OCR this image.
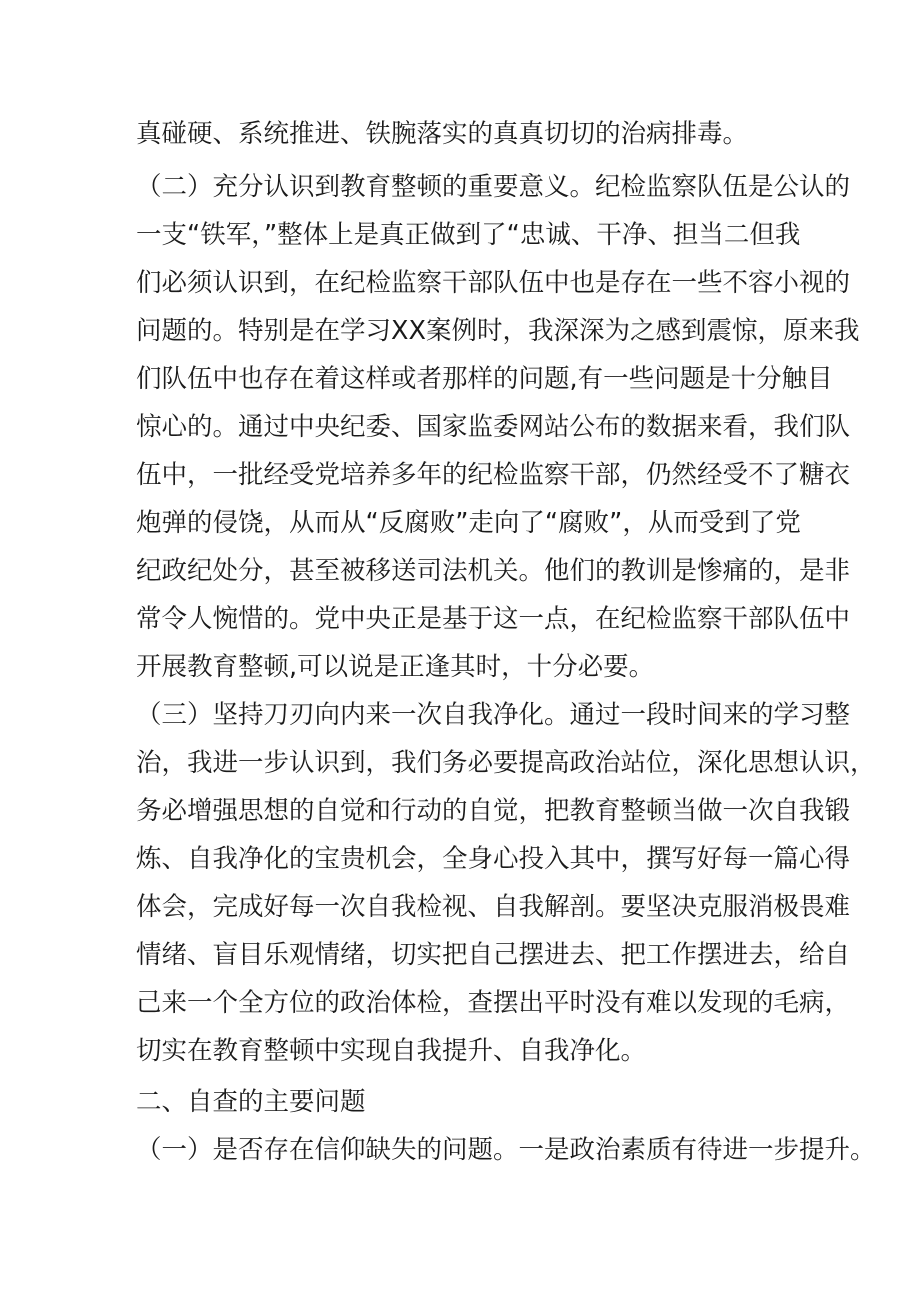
真碰硬、系统推进、铁腕落实的真真切切的治病排毒。
（二）充分认识到教育整顿的重要意义。纪检监察队伍是公认的
一支“铁军，”整体上是真正做到了“忠诚、干净、担当二但我
们必须认识到，在纪检监察干部队伍中也是存在一些不容小视的
问题的。特别是在学习XX案例时，我深深为之感到震惊，原来我
们队伍中也存在着这样或者那样的问题,有一些问题是十分触目
惊心的。通过中央纪委、国家监委网站公布的数据来看，我们队
伍中，一批经受党培养多年的纪检监察干部，仍然经受不了糖衣
炮弹的侵饶，从而从“反腐败”走向了“腐败”，从而受到了党
纪政纪处分，甚至被移送司法机关。他们的教训是惨痛的，是非
常令人惋惜的。党中央正是基于这一点，在纪检监察干部队伍中
开展教育整顿,可以说是正逢其时，十分必要。
（三）坚持刀刃向内来一次自我净化。通过一段时间来的学习整
治，我进一步认识到，我们务必要提高政治站位，深化思想认识，
务必增强思想的自觉和行动的自觉，把教育整顿当做一次自我锻
炼、自我净化的宝贵机会，全身心投入其中，撰写好每一篇心得
体会，完成好每一次自我检视、自我解剖。要坚决克服消极畏难
情绪、盲目乐观情绪，切实把自己摆进去、把工作摆进去，给自
己来一个全方位的政治体检，查摆出平时没有难以发现的毛病，
切实在教育整顿中实现自我提升、自我净化。
二、自查的主要问题
（一）是否存在信仰缺失的问题。一是政治素质有待进一步提升。
